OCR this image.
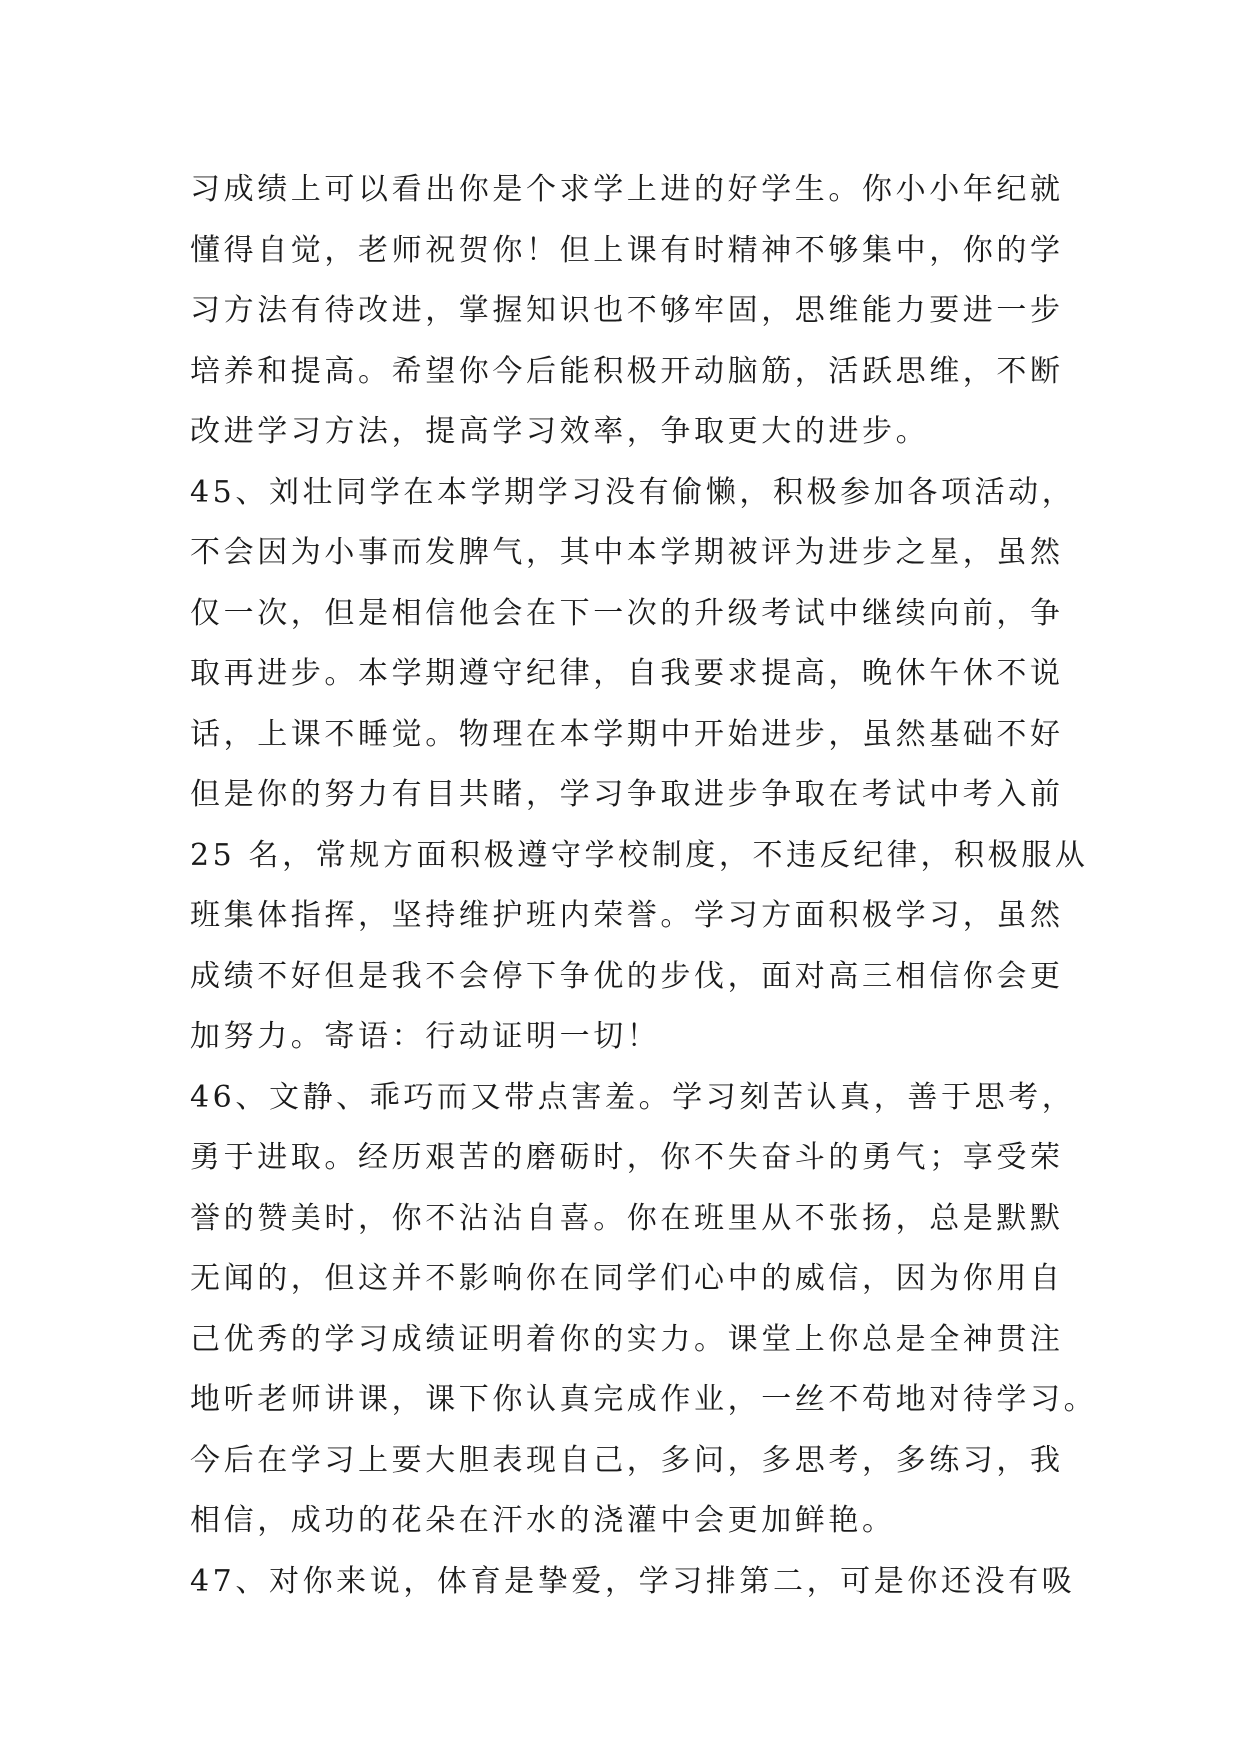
习成绩上可以看出你是个求学上进的好学生。你小小年纪就
懂得自觉，老师祝贺你！但上课有时精神不够集中，你的学
习方法有待改进，掌握知识也不够牢固，思维能力要进一步
培养和提高。希望你今后能积极开动脑筋，活跃思维，不断
改进学习方法，提高学习效率，争取更大的进步。
45、刘壮同学在本学期学习没有偷懒，积极参加各项活动，
不会因为小事而发脾气，其中本学期被评为进步之星，虽然
仅一次，但是相信他会在下一次的升级考试中继续向前，争
取再进步。本学期遵守纪律，自我要求提高，晚休午休不说
话，上课不睡觉。物理在本学期中开始进步，虽然基础不好
但是你的努力有目共睹，学习争取进步争取在考试中考入前
25 名，常规方面积极遵守学校制度，不违反纪律，积极服从
班集体指挥，坚持维护班内荣誉。学习方面积极学习，虽然
成绩不好但是我不会停下争优的步伐，面对高三相信你会更
加努力。寄语：行动证明一切！
46、文静、乖巧而又带点害羞。学习刻苦认真，善于思考，
勇于进取。经历艰苦的磨砺时，你不失奋斗的勇气；享受荣
誉的赞美时，你不沾沾自喜。你在班里从不张扬，总是默默
无闻的，但这并不影响你在同学们心中的威信，因为你用自
己优秀的学习成绩证明着你的实力。课堂上你总是全神贯注
地听老师讲课，课下你认真完成作业，一丝不苟地对待学习。
今后在学习上要大胆表现自己，多问，多思考，多练习，我
相信，成功的花朵在汗水的浇灌中会更加鲜艳。
47、对你来说，体育是挚爱，学习排第二，可是你还没有吸
